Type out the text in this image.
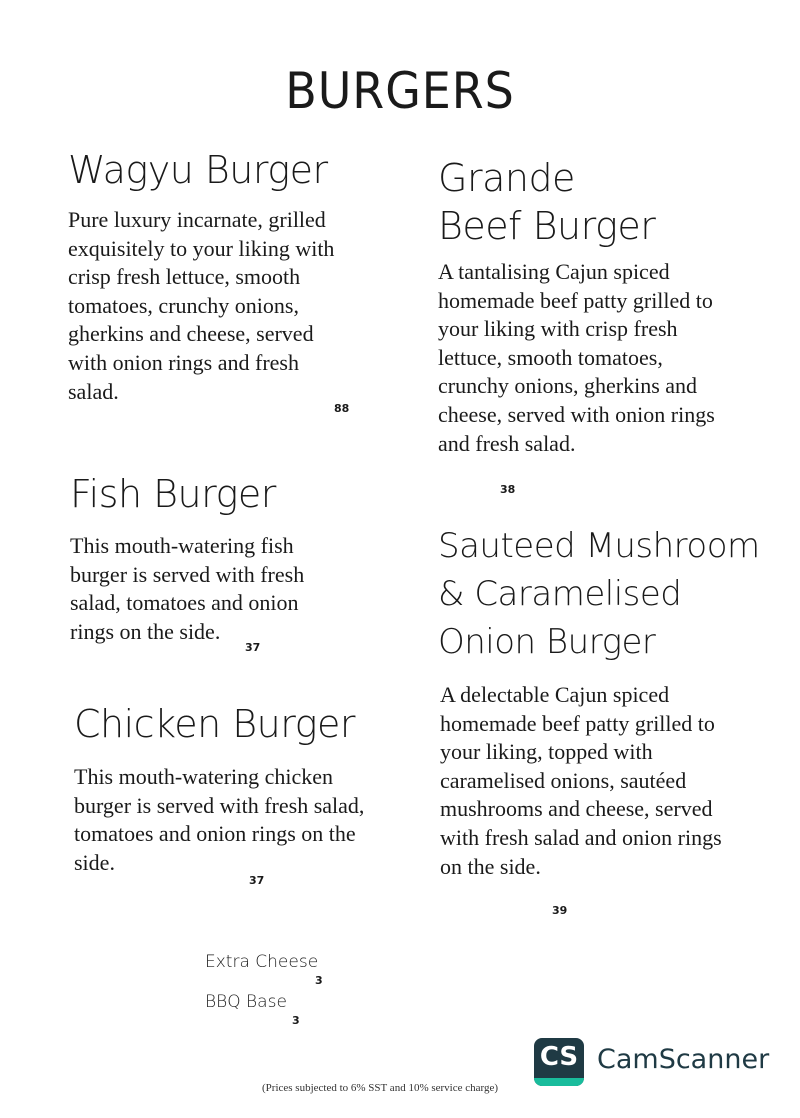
BURGERS
Wagyu Burger
Pure luxury incarnate, grilled exquisitely to your liking with crisp fresh lettuce, smooth tomatoes, crunchy onions, gherkins and cheese, served with onion rings and fresh salad.
88
Fish Burger
This mouth-watering fish burger is served with fresh salad, tomatoes and onion rings on the side.
37
Chicken Burger
This mouth-watering chicken burger is served with fresh salad, tomatoes and onion rings on the side.
37
Grande Beef Burger
A tantalising Cajun spiced homemade beef patty grilled to your liking with crisp fresh lettuce, smooth tomatoes, crunchy onions, gherkins and cheese, served with onion rings and fresh salad.
38
Sauteed Mushroom & Caramelised Onion Burger
A delectable Cajun spiced homemade beef patty grilled to your liking, topped with caramelised onions, sautéed mushrooms and cheese, served with fresh salad and onion rings on the side.
39
Extra Cheese
3
BBQ Base
3
CS CamScanner
(Prices subjected to 6% SST and 10% service charge)
